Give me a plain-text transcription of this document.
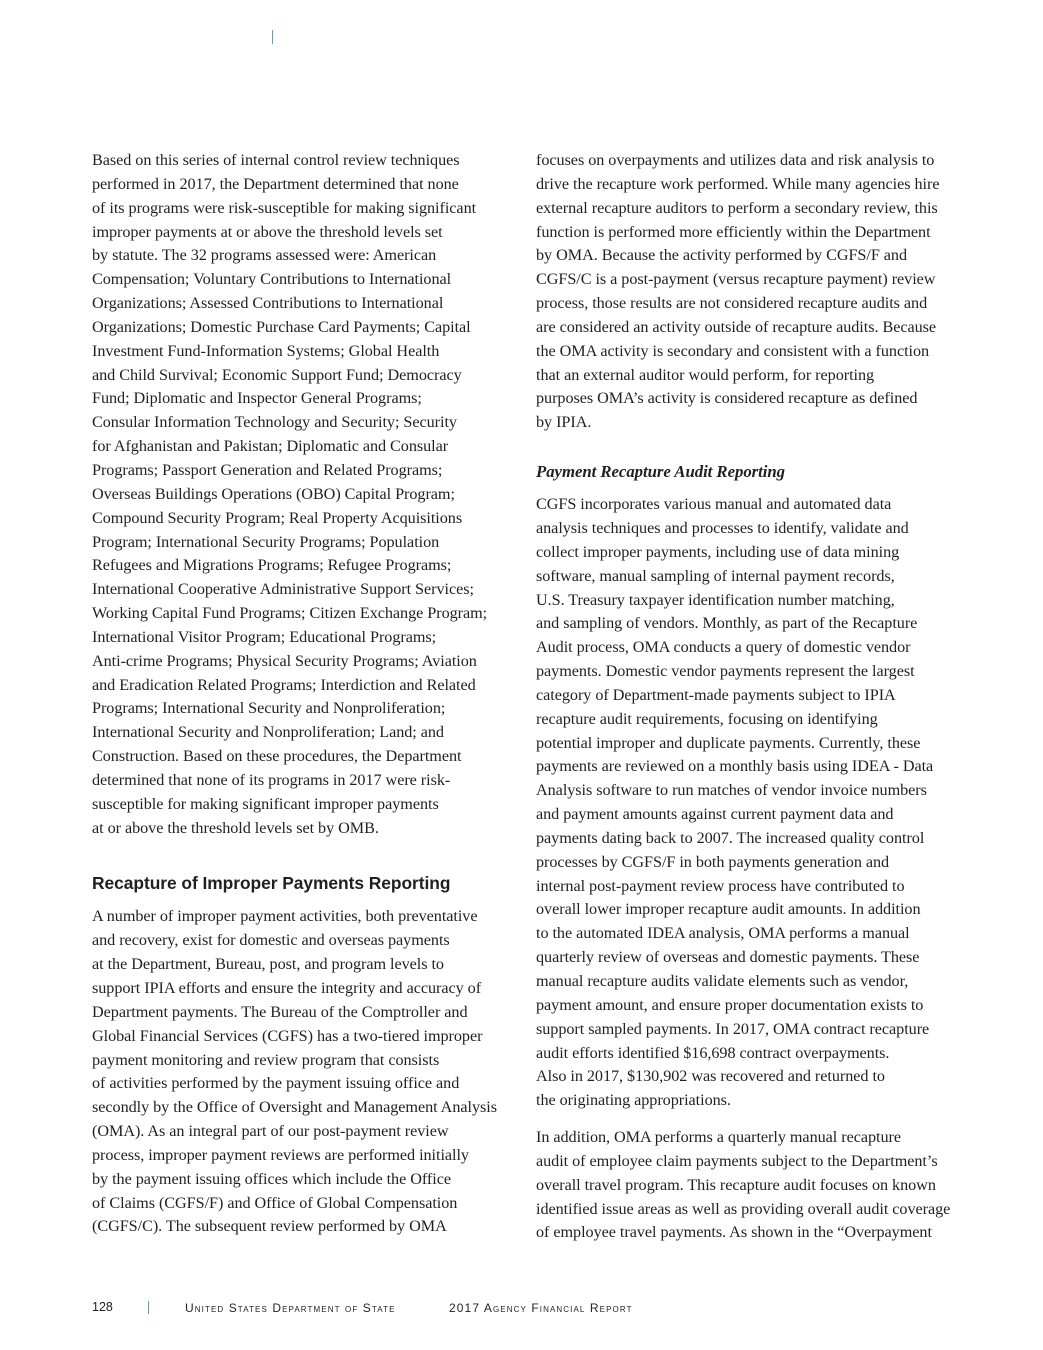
Based on this series of internal control review techniques
performed in 2017, the Department determined that none
of its programs were risk-susceptible for making significant
improper payments at or above the threshold levels set
by statute. The 32 programs assessed were: American
Compensation; Voluntary Contributions to International
Organizations; Assessed Contributions to International
Organizations; Domestic Purchase Card Payments; Capital
Investment Fund-Information Systems; Global Health
and Child Survival; Economic Support Fund; Democracy
Fund; Diplomatic and Inspector General Programs;
Consular Information Technology and Security; Security
for Afghanistan and Pakistan; Diplomatic and Consular
Programs; Passport Generation and Related Programs;
Overseas Buildings Operations (OBO) Capital Program;
Compound Security Program; Real Property Acquisitions
Program; International Security Programs; Population
Refugees and Migrations Programs; Refugee Programs;
International Cooperative Administrative Support Services;
Working Capital Fund Programs; Citizen Exchange Program;
International Visitor Program; Educational Programs;
Anti-crime Programs; Physical Security Programs; Aviation
and Eradication Related Programs; Interdiction and Related
Programs; International Security and Nonproliferation;
International Security and Nonproliferation; Land; and
Construction. Based on these procedures, the Department
determined that none of its programs in 2017 were risk-
susceptible for making significant improper payments
at or above the threshold levels set by OMB.

Recapture of Improper Payments Reporting

A number of improper payment activities, both preventative
and recovery, exist for domestic and overseas payments
at the Department, Bureau, post, and program levels to
support IPIA efforts and ensure the integrity and accuracy of
Department payments. The Bureau of the Comptroller and
Global Financial Services (CGFS) has a two-tiered improper
payment monitoring and review program that consists
of activities performed by the payment issuing office and
secondly by the Office of Oversight and Management Analysis
(OMA). As an integral part of our post-payment review
process, improper payment reviews are performed initially
by the payment issuing offices which include the Office
of Claims (CGFS/F) and Office of Global Compensation
(CGFS/C). The subsequent review performed by OMA

focuses on overpayments and utilizes data and risk analysis to
drive the recapture work performed. While many agencies hire
external recapture auditors to perform a secondary review, this
function is performed more efficiently within the Department
by OMA. Because the activity performed by CGFS/F and
CGFS/C is a post-payment (versus recapture payment) review
process, those results are not considered recapture audits and
are considered an activity outside of recapture audits. Because
the OMA activity is secondary and consistent with a function
that an external auditor would perform, for reporting
purposes OMA’s activity is considered recapture as defined
by IPIA.

Payment Recapture Audit Reporting

CGFS incorporates various manual and automated data
analysis techniques and processes to identify, validate and
collect improper payments, including use of data mining
software, manual sampling of internal payment records,
U.S. Treasury taxpayer identification number matching,
and sampling of vendors. Monthly, as part of the Recapture
Audit process, OMA conducts a query of domestic vendor
payments. Domestic vendor payments represent the largest
category of Department-made payments subject to IPIA
recapture audit requirements, focusing on identifying
potential improper and duplicate payments. Currently, these
payments are reviewed on a monthly basis using IDEA - Data
Analysis software to run matches of vendor invoice numbers
and payment amounts against current payment data and
payments dating back to 2007. The increased quality control
processes by CGFS/F in both payments generation and
internal post-payment review process have contributed to
overall lower improper recapture audit amounts. In addition
to the automated IDEA analysis, OMA performs a manual
quarterly review of overseas and domestic payments. These
manual recapture audits validate elements such as vendor,
payment amount, and ensure proper documentation exists to
support sampled payments. In 2017, OMA contract recapture
audit efforts identified $16,698 contract overpayments.
Also in 2017, $130,902 was recovered and returned to
the originating appropriations.

In addition, OMA performs a quarterly manual recapture
audit of employee claim payments subject to the Department’s
overall travel program. This recapture audit focuses on known
identified issue areas as well as providing overall audit coverage
of employee travel payments. As shown in the “Overpayment

128	United States Department of State	2017 Agency Financial Report
